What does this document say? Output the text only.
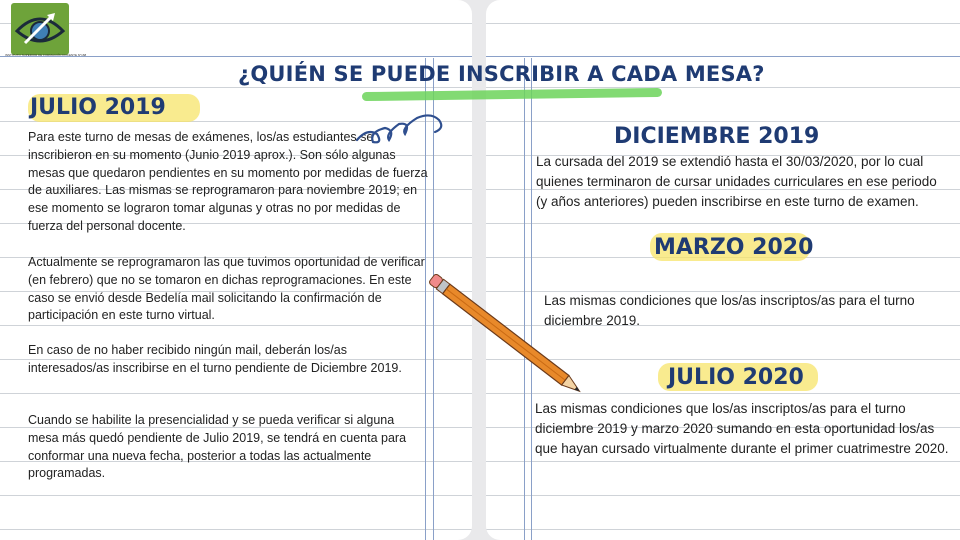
INSTITUTO SUPERIOR DE FORMACIÓN DOCENTE N°168
¿QUIÉN SE PUEDE INSCRIBIR A CADA MESA?
JULIO 2019

Para este turno de mesas de exámenes, los/as estudiantes se inscribieron en su momento (Junio 2019 aprox.). Son sólo algunas mesas que quedaron pendientes en su momento por medidas de fuerza de auxiliares. Las mismas se reprogramaron para noviembre 2019; en ese momento se lograron tomar algunas y otras no por medidas de fuerza del personal docente.

Actualmente se reprogramaron las que tuvimos oportunidad de verificar (en febrero) que no se tomaron en dichas reprogramaciones. En este caso se envió desde Bedelía mail solicitando la confirmación de participación en este turno virtual.

En caso de no haber recibido ningún mail, deberán los/as interesados/as inscribirse en el turno pendiente de Diciembre 2019.

Cuando se habilite la presencialidad y se pueda verificar si alguna mesa más quedó pendiente de Julio 2019, se tendrá en cuenta para conformar una nueva fecha, posterior a todas las actualmente programadas.

DICIEMBRE 2019

La cursada del 2019 se extendió hasta el 30/03/2020, por lo cual quienes terminaron de cursar unidades curriculares en ese periodo (y años anteriores) pueden inscribirse en este turno de examen.

MARZO 2020

Las mismas condiciones que los/as inscriptos/as para el turno diciembre 2019.

JULIO 2020

Las mismas condiciones que los/as inscriptos/as para el turno diciembre 2019 y marzo 2020 sumando en esta oportunidad los/as que hayan cursado virtualmente durante el primer cuatrimestre 2020.
